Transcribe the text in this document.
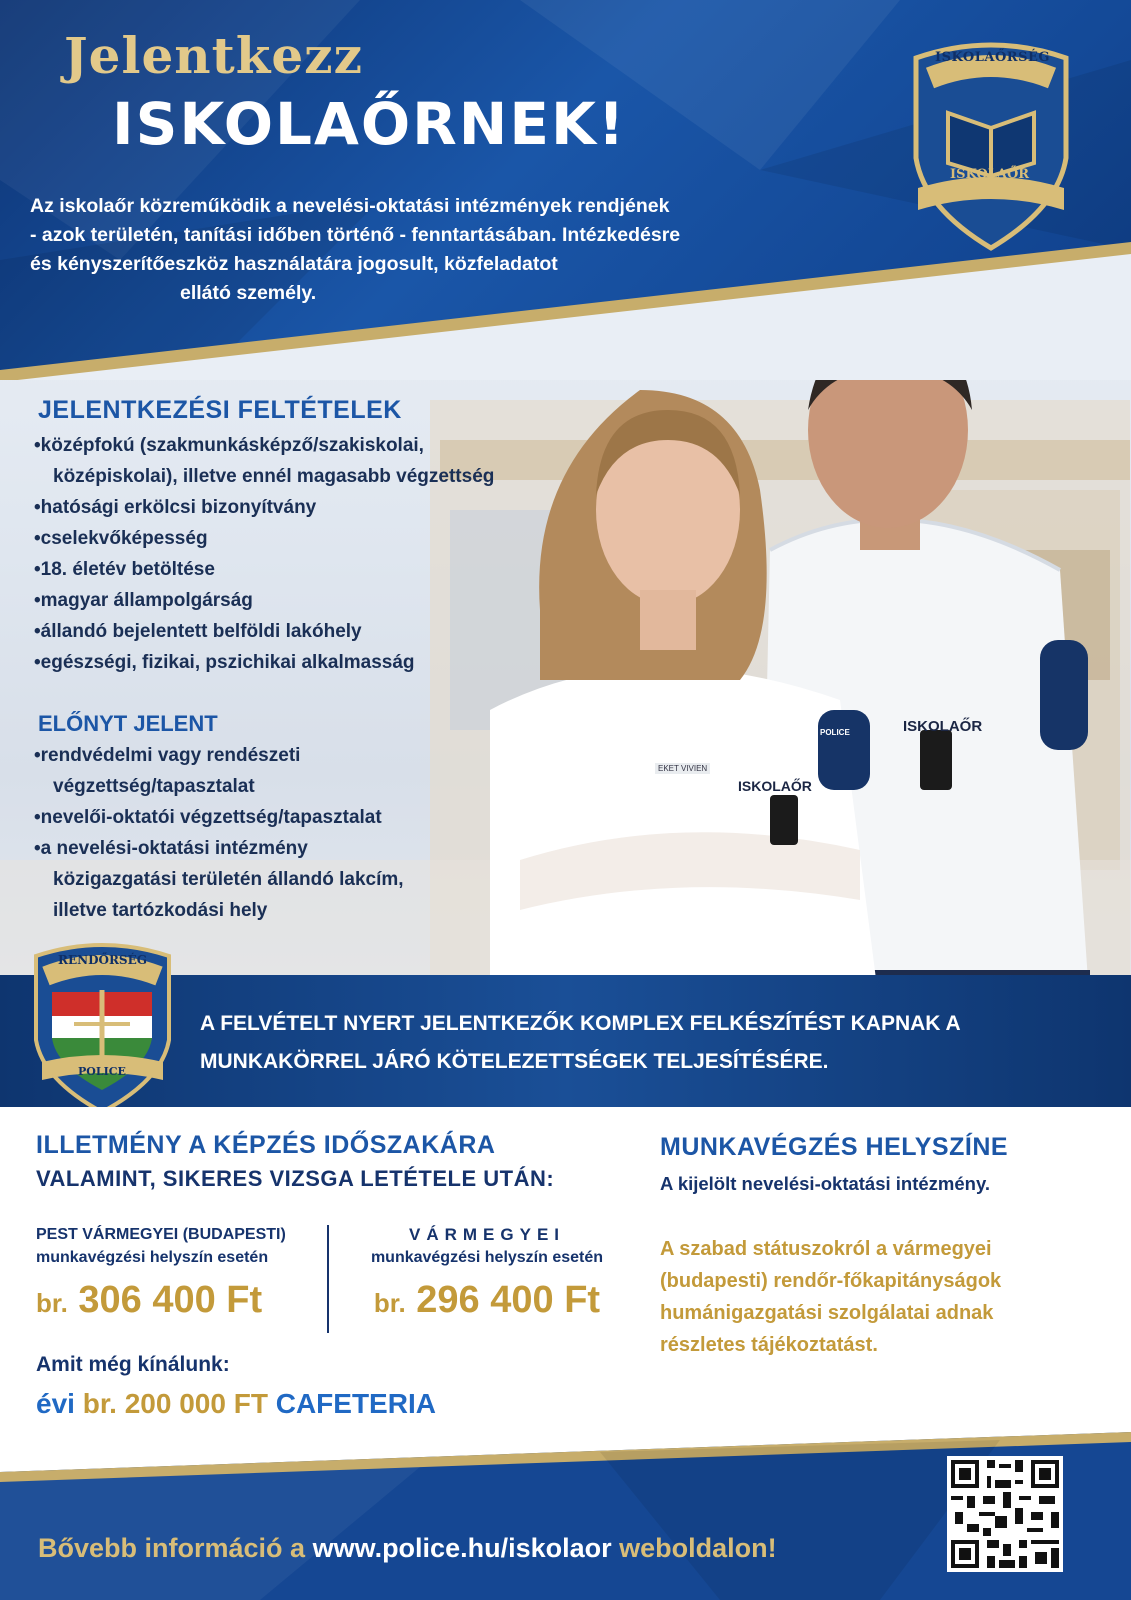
EKET VIVIEN
ISKOLAŐR
ISKOLAŐR
POLICE
Jelentkezz
ISKOLAŐRNEK!
Az iskolaőr közreműködik a nevelési-oktatási intézmények rendjének
- azok területén, tanítási időben történő - fenntartásában. Intézkedésre
és kényszerítőeszköz használatára jogosult, közfeladatot
ellátó személy.
ISKOLAŐRSÉG
ISKOLAŐR
JELENTKEZÉSI FELTÉTELEK
•középfokú (szakmunkásképző/szakiskolai,
középiskolai), illetve ennél magasabb végzettség
•hatósági erkölcsi bizonyítvány
•cselekvőképesség
•18. életév betöltése
•magyar állampolgárság
•állandó bejelentett belföldi lakóhely
•egészségi, fizikai, pszichikai alkalmasság
ELŐNYT JELENT
•rendvédelmi vagy rendészeti
végzettség/tapasztalat
•nevelői-oktatói végzettség/tapasztalat
•a nevelési-oktatási intézmény
közigazgatási területén állandó lakcím,
illetve tartózkodási hely
A FELVÉTELT NYERT JELENTKEZŐK KOMPLEX FELKÉSZÍTÉST KAPNAK A
MUNKAKÖRREL JÁRÓ KÖTELEZETTSÉGEK TELJESÍTÉSÉRE.
RENDŐRSÉG
POLICE
ILLETMÉNY A KÉPZÉS IDŐSZAKÁRA
VALAMINT, SIKERES VIZSGA LETÉTELE UTÁN:
PEST VÁRMEGYEI (BUDAPESTI)
munkavégzési helyszín esetén
br. 306 400 Ft
VÁRMEGYEI
munkavégzési helyszín esetén
br. 296 400 Ft
Amit még kínálunk:
évi br. 200 000 FT CAFETERIA
MUNKAVÉGZÉS HELYSZÍNE
A kijelölt nevelési-oktatási intézmény.
A szabad státuszokról a vármegyei
(budapesti) rendőr-főkapitányságok
humánigazgatási szolgálatai adnak
részletes tájékoztatást.
Bővebb információ a www.police.hu/iskolaor weboldalon!
